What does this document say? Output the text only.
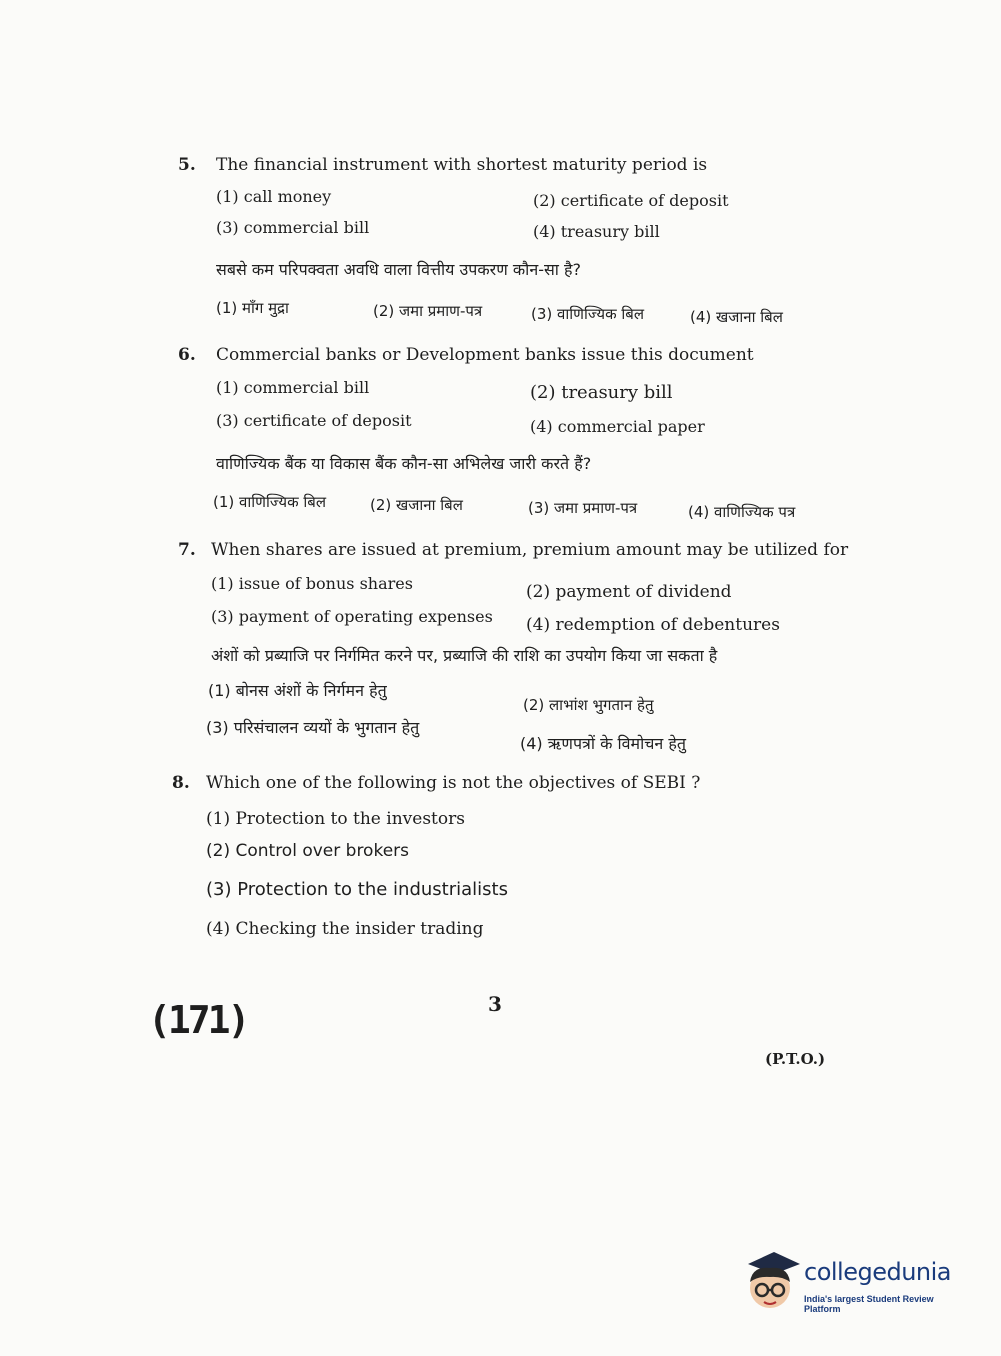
5. The financial instrument with shortest maturity period is
(1) call money	(2) certificate of deposit
(3) commercial bill	(4) treasury bill
सबसे कम परिपक्वता अवधि वाला वित्तीय उपकरण कौन-सा है?
(1) माँग मुद्रा	(2) जमा प्रमाण-पत्र	(3) वाणिज्यिक बिल	(4) खजाना बिल
6. Commercial banks or Development banks issue this document
(1) commercial bill	(2) treasury bill
(3) certificate of deposit	(4) commercial paper
वाणिज्यिक बैंक या विकास बैंक कौन-सा अभिलेख जारी करते हैं?
(1) वाणिज्यिक बिल	(2) खजाना बिल	(3) जमा प्रमाण-पत्र	(4) वाणिज्यिक पत्र
7. When shares are issued at premium, premium amount may be utilized for
(1) issue of bonus shares	(2) payment of dividend
(3) payment of operating expenses (4) redemption of debentures
अंशों को प्रब्याजि पर निर्गमित करने पर, प्रब्याजि की राशि का उपयोग किया जा सकता है
(1) बोनस अंशों के निर्गमन हेतु
(2) लाभांश भुगतान हेतु
(3) परिसंचालन व्ययों के भुगतान हेतु
(4) ऋणपत्रों के विमोचन हेतु
8. Which one of the following is not the objectives of SEBI ?
(1) Protection to the investors
(2) Control over brokers
(3) Protection to the industrialists
(4) Checking the insider trading
(171)	3
(P.T.O.)
collegedunia
India's largest Student Review Platform
